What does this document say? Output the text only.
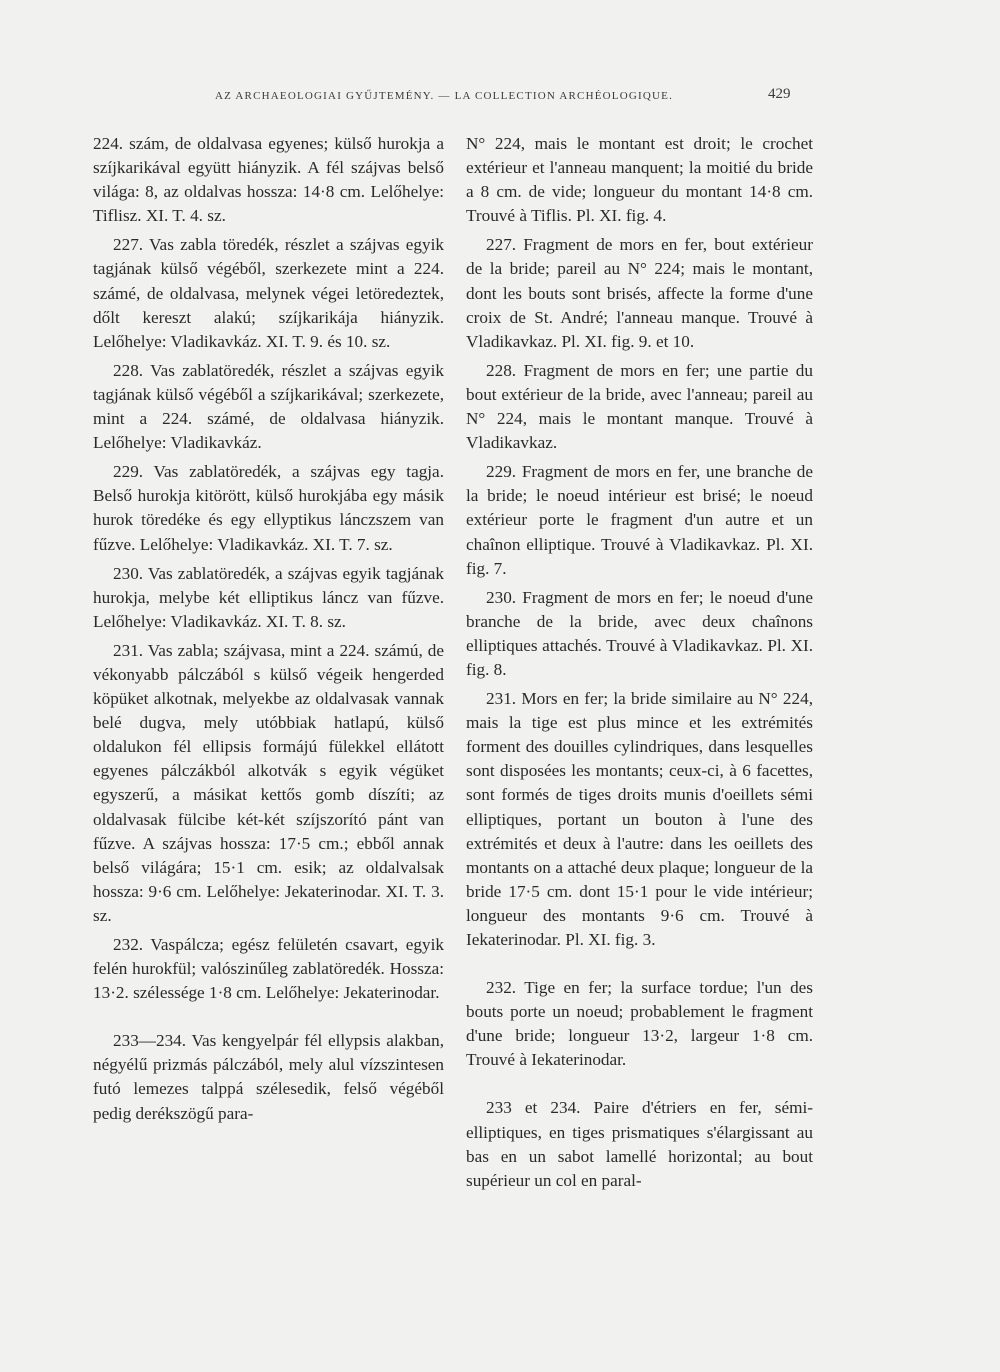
AZ ARCHAEOLOGIAI GYŰJTEMÉNY. — LA COLLECTION ARCHÉOLOGIQUE.	429

224. szám, de oldalvasa egyenes; külső hurokja a szíjkarikával együtt hiányzik. A fél szájvas belső világa: 8, az oldalvas hossza: 14·8 cm. Lelőhelye: Tiflisz. XI. T. 4. sz.

227. Vas zabla töredék, részlet a szájvas egyik tagjának külső végéből, szerkezete mint a 224. számé, de oldalvasa, melynek végei letöredeztek, dőlt kereszt alakú; szíjkarikája hiányzik. Lelőhelye: Vladikavkáz. XI. T. 9. és 10. sz.

228. Vas zablatöredék, részlet a szájvas egyik tagjának külső végéből a szíjkarikával; szerkezete, mint a 224. számé, de oldalvasa hiányzik. Lelőhelye: Vladikavkáz.

229. Vas zablatöredék, a szájvas egy tagja. Belső hurokja kitörött, külső hurokjába egy másik hurok töredéke és egy ellyptikus lánczszem van fűzve. Lelőhelye: Vladikavkáz. XI. T. 7. sz.

230. Vas zablatöredék, a szájvas egyik tagjának hurokja, melybe két elliptikus láncz van fűzve. Lelőhelye: Vladikavkáz. XI. T. 8. sz.

231. Vas zabla; szájvasa, mint a 224. számú, de vékonyabb pálczából s külső végeik hengerded köpüket alkotnak, melyekbe az oldalvasak vannak belé dugva, mely utóbbiak hatlapú, külső oldalukon fél ellipsis formájú fülekkel ellátott egyenes pálczákból alkotvák s egyik végüket egyszerű, a másikat kettős gomb díszíti; az oldalvasak fülcibe két-két szíjszorító pánt van fűzve. A szájvas hossza: 17·5 cm.; ebből annak belső világára; 15·1 cm. esik; az oldalvalsak hossza: 9·6 cm. Lelőhelye: Jekaterinodar. XI. T. 3. sz.

232. Vaspálcza; egész felületén csavart, egyik felén hurokfül; valószinűleg zablatöredék. Hossza: 13·2. szélessége 1·8 cm. Lelőhelye: Jekaterinodar.

233—234. Vas kengyelpár fél ellypsis alakban, négyélű prizmás pálczából, mely alul vízszintesen futó lemezes talppá szélesedik, felső végéből pedig derékszögű para-

N° 224, mais le montant est droit; le crochet extérieur et l'anneau manquent; la moitié du bride a 8 cm. de vide; longueur du montant 14·8 cm. Trouvé à Tiflis. Pl. XI. fig. 4.

227. Fragment de mors en fer, bout extérieur de la bride; pareil au N° 224; mais le montant, dont les bouts sont brisés, affecte la forme d'une croix de St. André; l'anneau manque. Trouvé à Vladikavkaz. Pl. XI. fig. 9. et 10.

228. Fragment de mors en fer; une partie du bout extérieur de la bride, avec l'anneau; pareil au N° 224, mais le montant manque. Trouvé à Vladikavkaz.

229. Fragment de mors en fer, une branche de la bride; le noeud intérieur est brisé; le noeud extérieur porte le fragment d'un autre et un chaînon elliptique. Trouvé à Vladikavkaz. Pl. XI. fig. 7.

230. Fragment de mors en fer; le noeud d'une branche de la bride, avec deux chaînons elliptiques attachés. Trouvé à Vladikavkaz. Pl. XI. fig. 8.

231. Mors en fer; la bride similaire au N° 224, mais la tige est plus mince et les extrémités forment des douilles cylindriques, dans lesquelles sont disposées les montants; ceux-ci, à 6 facettes, sont formés de tiges droits munis d'oeillets sémi elliptiques, portant un bouton à l'une des extrémités et deux à l'autre: dans les oeillets des montants on a attaché deux plaque; longueur de la bride 17·5 cm. dont 15·1 pour le vide intérieur; longueur des montants 9·6 cm. Trouvé à Iekaterinodar. Pl. XI. fig. 3.

232. Tige en fer; la surface tordue; l'un des bouts porte un noeud; probablement le fragment d'une bride; longueur 13·2, largeur 1·8 cm. Trouvé à Iekaterinodar.

233 et 234. Paire d'étriers en fer, sémi-elliptiques, en tiges prismatiques s'élargissant au bas en un sabot lamellé horizontal; au bout supérieur un col en paral-
